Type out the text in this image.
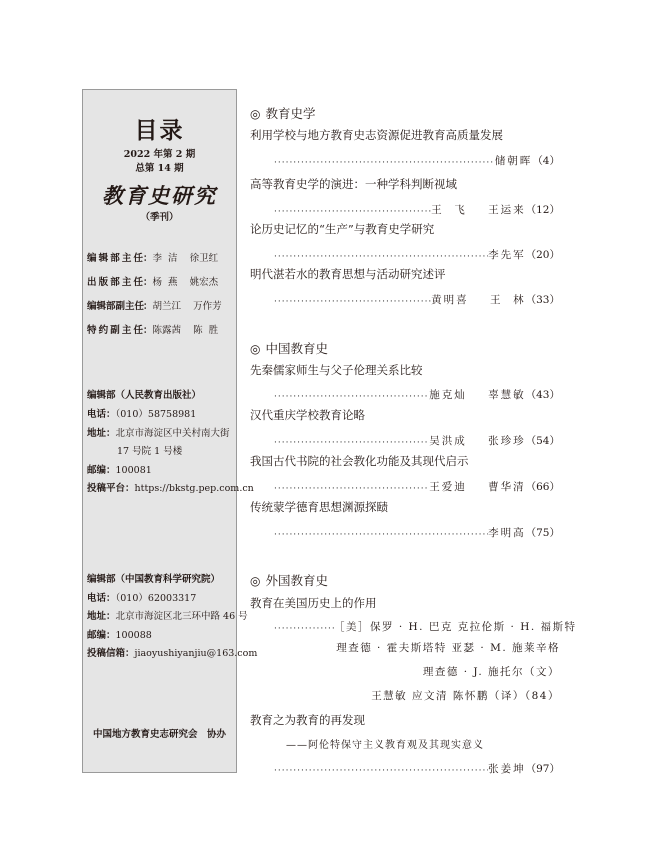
目录
2022 年第 2 期
总第 14 期
教育史研究
（季刊）
编辑部主任：李  洁    徐卫红
出版部主任：杨  燕    姚宏杰
编辑部副主任：胡兰江    万作芳
特约副主任：陈露茜    陈  胜
编辑部（人民教育出版社）
电话：（010）58758981
地址：北京市海淀区中关村南大街
17 号院 1 号楼
邮编：100081
投稿平台：https://bkstg.pep.com.cn
编辑部（中国教育科学研究院）
电话：（010）62003317
地址：北京市海淀区北三环中路 46 号
邮编：100088
投稿信箱：jiaoyushiyanjiu@163.com
中国地方教育史志研究会　协办
◎ 教育史学
利用学校与地方教育史志资源促进教育高质量发展
·····
储朝晖 （4）
高等教育史学的演进：一种学科判断视域
·····
王  飞    王运来 （12）
论历史记忆的“生产”与教育史学研究
·····
李先军 （20）
明代湛若水的教育思想与活动研究述评
·····
黄明喜    王  林 （33）
◎ 中国教育史
先秦儒家师生与父子伦理关系比较
·····
施克灿    辜慧敏 （43）
汉代重庆学校教育论略
·····
吴洪成    张珍珍 （54）
我国古代书院的社会教化功能及其现代启示
·····
王爱迪    曹华清 （66）
传统蒙学德育思想渊源探赜
·····
李明高 （75）
◎ 外国教育史
教育在美国历史上的作用
·····
［美］保罗 · H. 巴克 克拉伦斯 · H. 福斯特
理查德 · 霍夫斯塔特 亚瑟 · M. 施莱辛格
理查德 · J. 施托尔（文）
王慧敏 应文清 陈怀鹏（译）（84）
教育之为教育的再发现
——阿伦特保守主义教育观及其现实意义
·····
张姜坤 （97）
